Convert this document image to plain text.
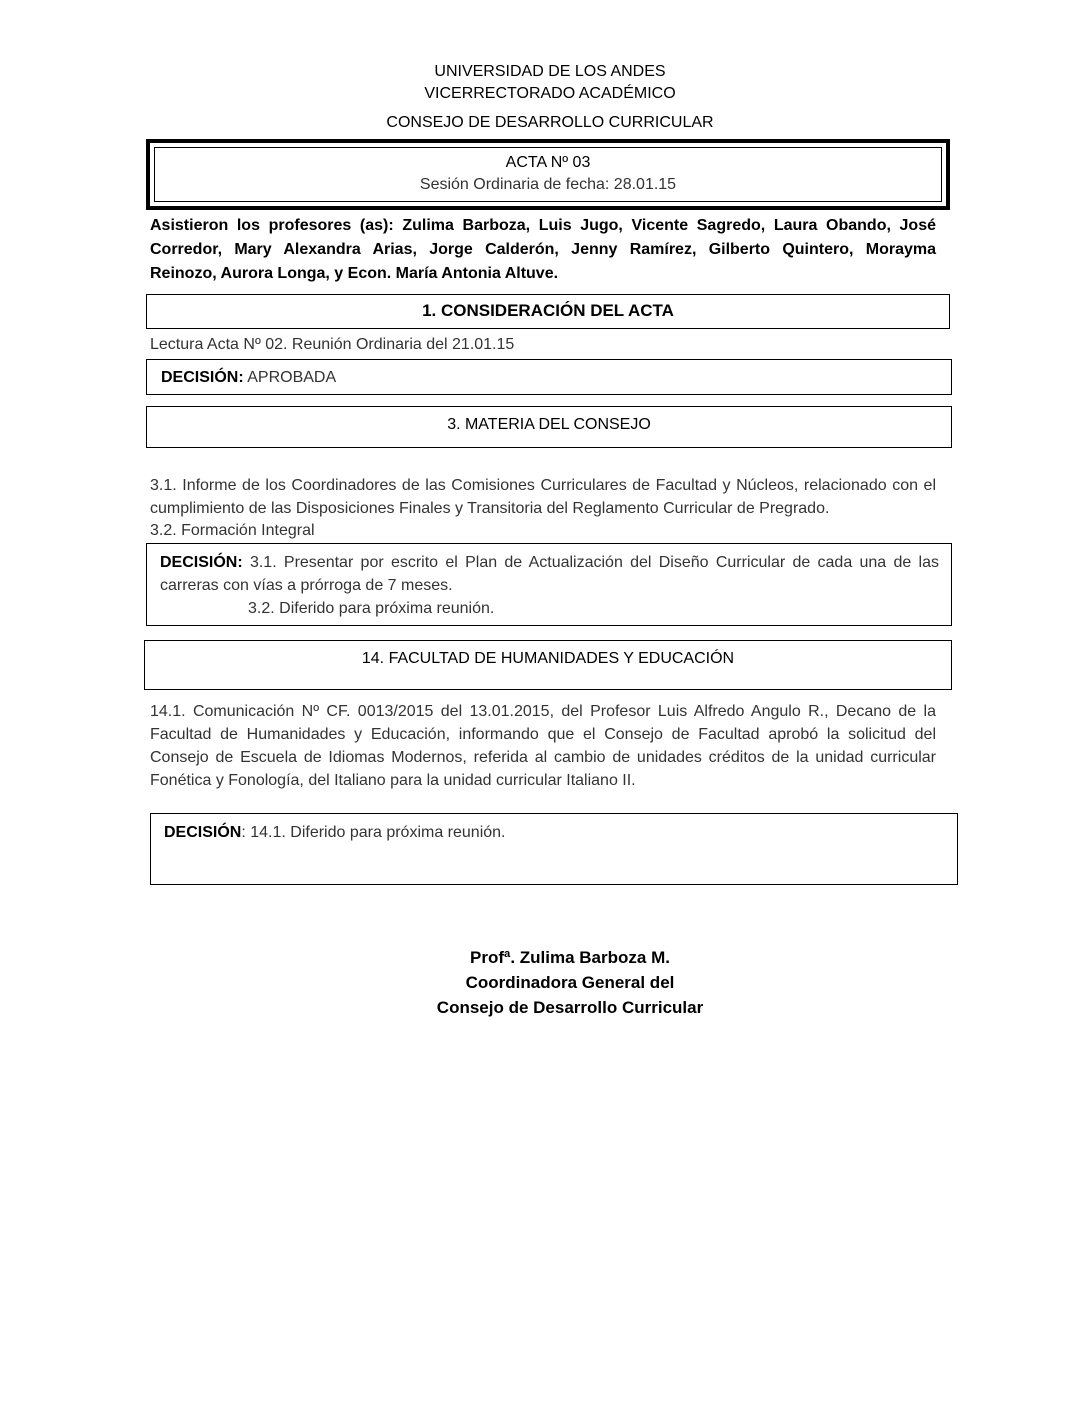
UNIVERSIDAD DE LOS ANDES
VICERRECTORADO ACADÉMICO
CONSEJO DE DESARROLLO CURRICULAR
ACTA Nº 03
Sesión Ordinaria de fecha: 28.01.15
Asistieron los profesores (as): Zulima Barboza, Luis Jugo, Vicente Sagredo, Laura Obando, José
Corredor, Mary Alexandra Arias, Jorge Calderón, Jenny Ramírez, Gilberto Quintero, Morayma
Reinozo, Aurora Longa, y Econ. María Antonia Altuve.
1. CONSIDERACIÓN DEL ACTA
Lectura Acta Nº 02. Reunión Ordinaria del 21.01.15
DECISIÓN: APROBADA
3. MATERIA DEL CONSEJO
3.1. Informe de los Coordinadores de las Comisiones Curriculares de Facultad y Núcleos, relacionado con el
cumplimiento de las Disposiciones Finales y Transitoria del Reglamento Curricular de Pregrado.
3.2. Formación Integral
DECISIÓN: 3.1. Presentar por escrito el Plan de Actualización del Diseño Curricular de cada una de las
carreras con vías a prórroga de 7 meses.
3.2. Diferido para próxima reunión.
14. FACULTAD DE HUMANIDADES Y EDUCACIÓN
14.1. Comunicación Nº CF. 0013/2015 del 13.01.2015, del Profesor Luis Alfredo Angulo R., Decano de la
Facultad de Humanidades y Educación, informando que el Consejo de Facultad aprobó la solicitud del
Consejo de Escuela de Idiomas Modernos, referida al cambio de unidades créditos de la unidad curricular
Fonética y Fonología, del Italiano para la unidad curricular Italiano II.
DECISIÓN: 14.1. Diferido para próxima reunión.
Profª. Zulima Barboza M.
Coordinadora General del
Consejo de Desarrollo Curricular
